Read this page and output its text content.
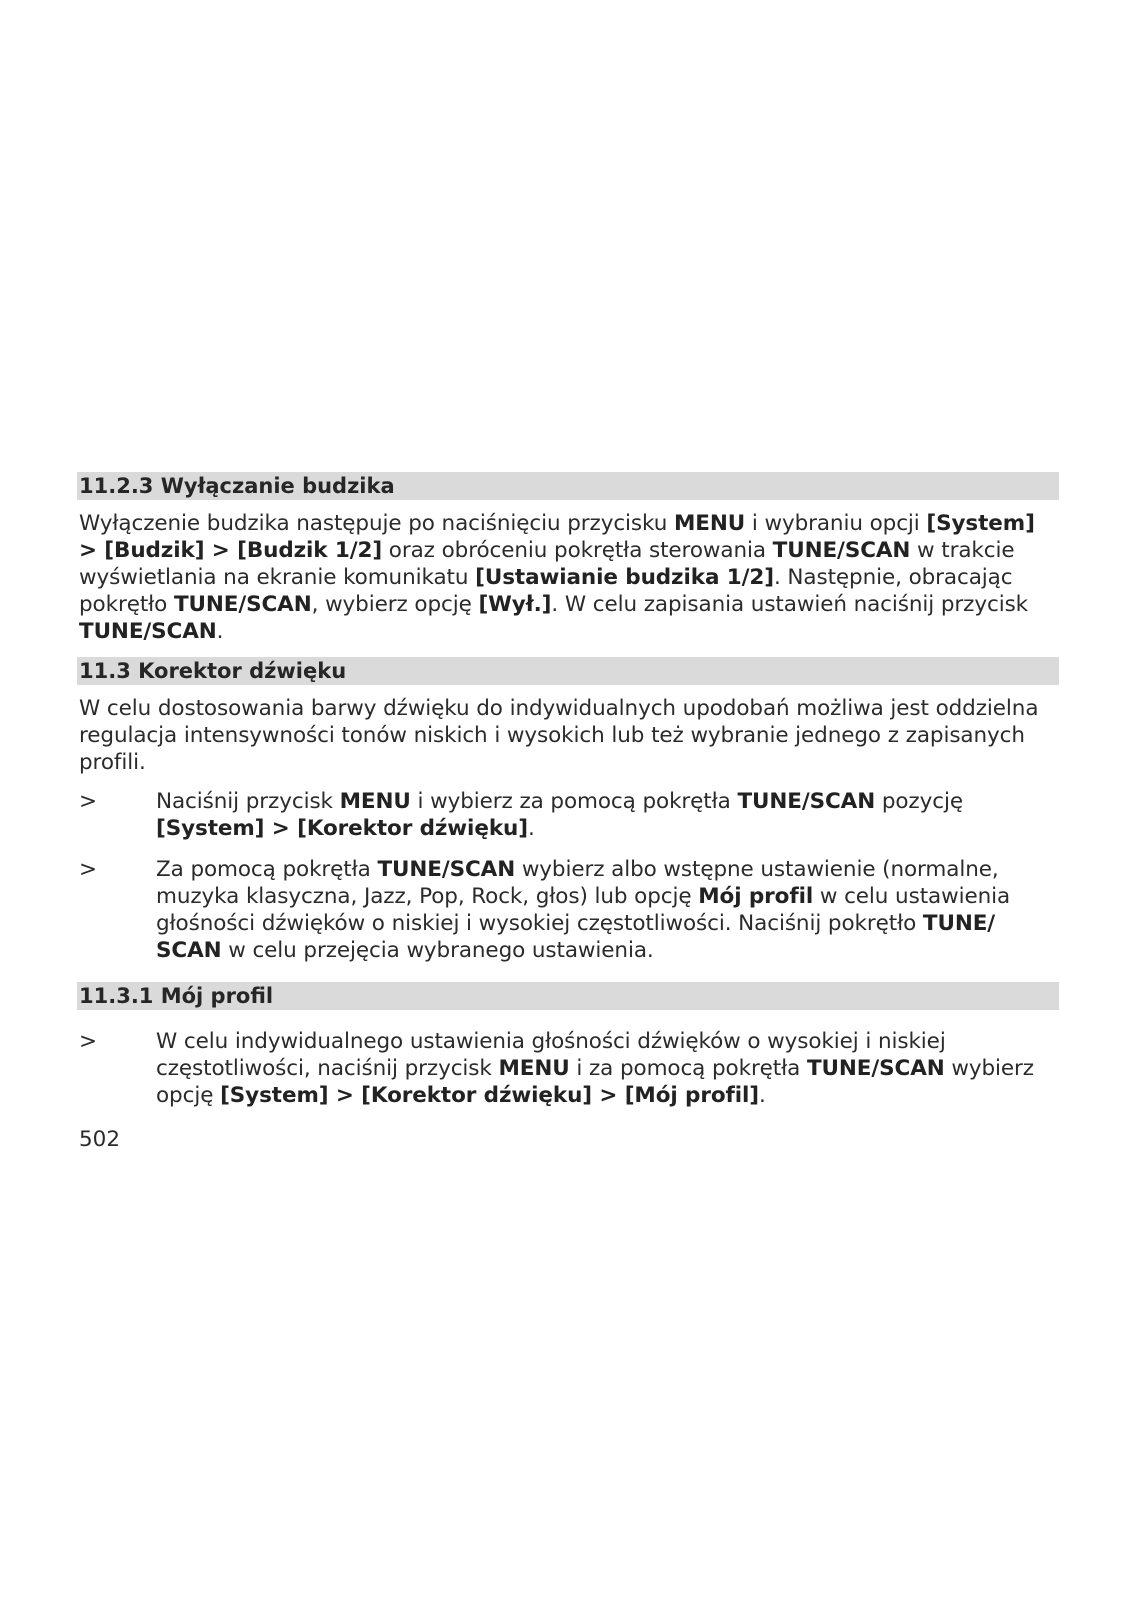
11.2.3 Wyłączanie budzika

Wyłączenie budzika następuje po naciśnięciu przycisku MENU i wybraniu opcji [System] > [Budzik] > [Budzik 1/2] oraz obróceniu pokrętła sterowania TUNE/SCAN w trakcie wyświetlania na ekranie komunikatu [Ustawianie budzika 1/2]. Następnie, obracając pokrętło TUNE/SCAN, wybierz opcję [Wył.]. W celu zapisania ustawień naciśnij przycisk TUNE/SCAN.

11.3 Korektor dźwięku

W celu dostosowania barwy dźwięku do indywidualnych upodobań możliwa jest oddzielna regulacja intensywności tonów niskich i wysokich lub też wybranie jednego z zapisanych profili.

>	Naciśnij przycisk MENU i wybierz za pomocą pokrętła TUNE/SCAN pozycję [System] > [Korektor dźwięku].
>	Za pomocą pokrętła TUNE/SCAN wybierz albo wstępne ustawienie (normalne, muzyka klasyczna, Jazz, Pop, Rock, głos) lub opcję Mój profil w celu ustawienia głośności dźwięków o niskiej i wysokiej częstotliwości. Naciśnij pokrętło TUNE/ SCAN w celu przejęcia wybranego ustawienia.
11.3.1 Mój profil
>	W celu indywidualnego ustawienia głośności dźwięków o wysokiej i niskiej częstotliwości, naciśnij przycisk MENU i za pomocą pokrętła TUNE/SCAN wybierz opcję [System] > [Korektor dźwięku] > [Mój profil].
502
